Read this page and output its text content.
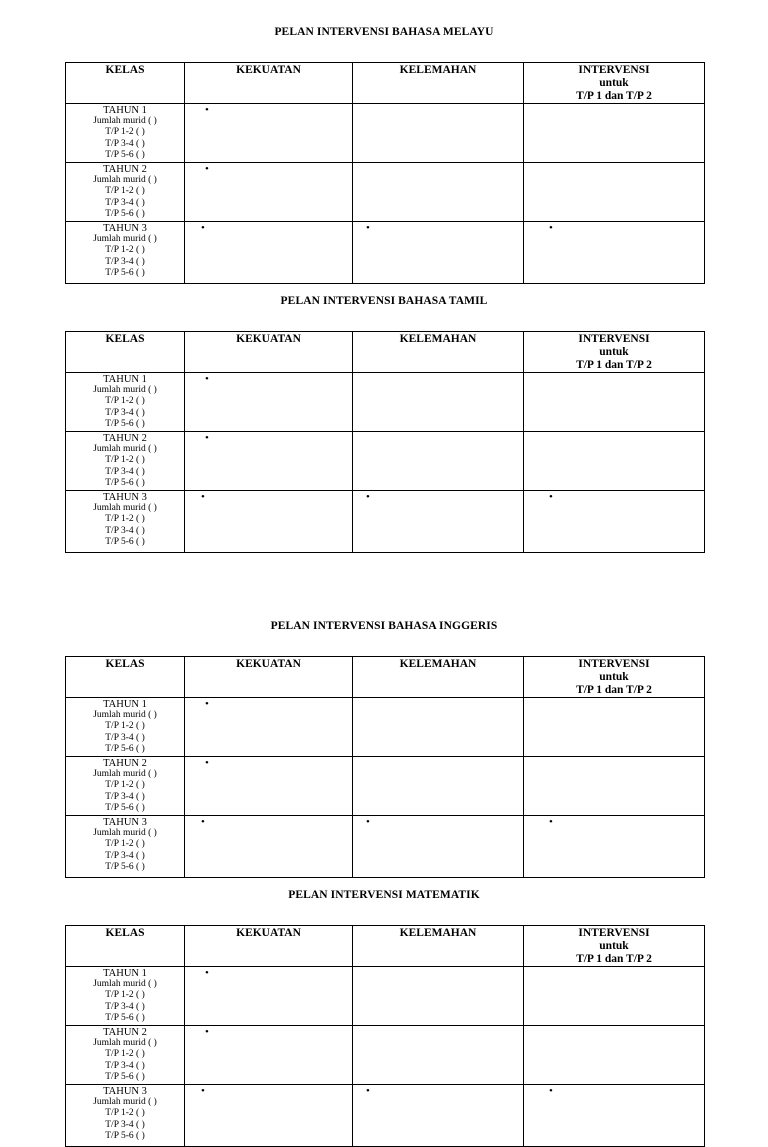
PELAN INTERVENSI BAHASA MELAYU
KELAS	KEKUATAN	KELEMAHAN	INTERVENSI
untuk
T/P 1 dan T/P 2

TAHUN 1
Jumlah murid ( )
T/P 1-2 ( )
T/P 3-4 ( )
T/P 5-6 ( )	•		

TAHUN 2
Jumlah murid ( )
T/P 1-2 ( )
T/P 3-4 ( )
T/P 5-6 ( )	•		

TAHUN 3
Jumlah murid ( )
T/P 1-2 ( )
T/P 3-4 ( )
T/P 5-6 ( )	•	•	•
PELAN INTERVENSI BAHASA TAMIL
KELAS	KEKUATAN	KELEMAHAN	INTERVENSI
untuk
T/P 1 dan T/P 2

TAHUN 1
Jumlah murid ( )
T/P 1-2 ( )
T/P 3-4 ( )
T/P 5-6 ( )	•		

TAHUN 2
Jumlah murid ( )
T/P 1-2 ( )
T/P 3-4 ( )
T/P 5-6 ( )	•		

TAHUN 3
Jumlah murid ( )
T/P 1-2 ( )
T/P 3-4 ( )
T/P 5-6 ( )	•	•	•
PELAN INTERVENSI BAHASA INGGERIS
KELAS	KEKUATAN	KELEMAHAN	INTERVENSI
untuk
T/P 1 dan T/P 2

TAHUN 1
Jumlah murid ( )
T/P 1-2 ( )
T/P 3-4 ( )
T/P 5-6 ( )	•		

TAHUN 2
Jumlah murid ( )
T/P 1-2 ( )
T/P 3-4 ( )
T/P 5-6 ( )	•		

TAHUN 3
Jumlah murid ( )
T/P 1-2 ( )
T/P 3-4 ( )
T/P 5-6 ( )	•	•	•
PELAN INTERVENSI MATEMATIK
KELAS	KEKUATAN	KELEMAHAN	INTERVENSI
untuk
T/P 1 dan T/P 2

TAHUN 1
Jumlah murid ( )
T/P 1-2 ( )
T/P 3-4 ( )
T/P 5-6 ( )	•		

TAHUN 2
Jumlah murid ( )
T/P 1-2 ( )
T/P 3-4 ( )
T/P 5-6 ( )	•		

TAHUN 3
Jumlah murid ( )
T/P 1-2 ( )
T/P 3-4 ( )
T/P 5-6 ( )	•	•	•
